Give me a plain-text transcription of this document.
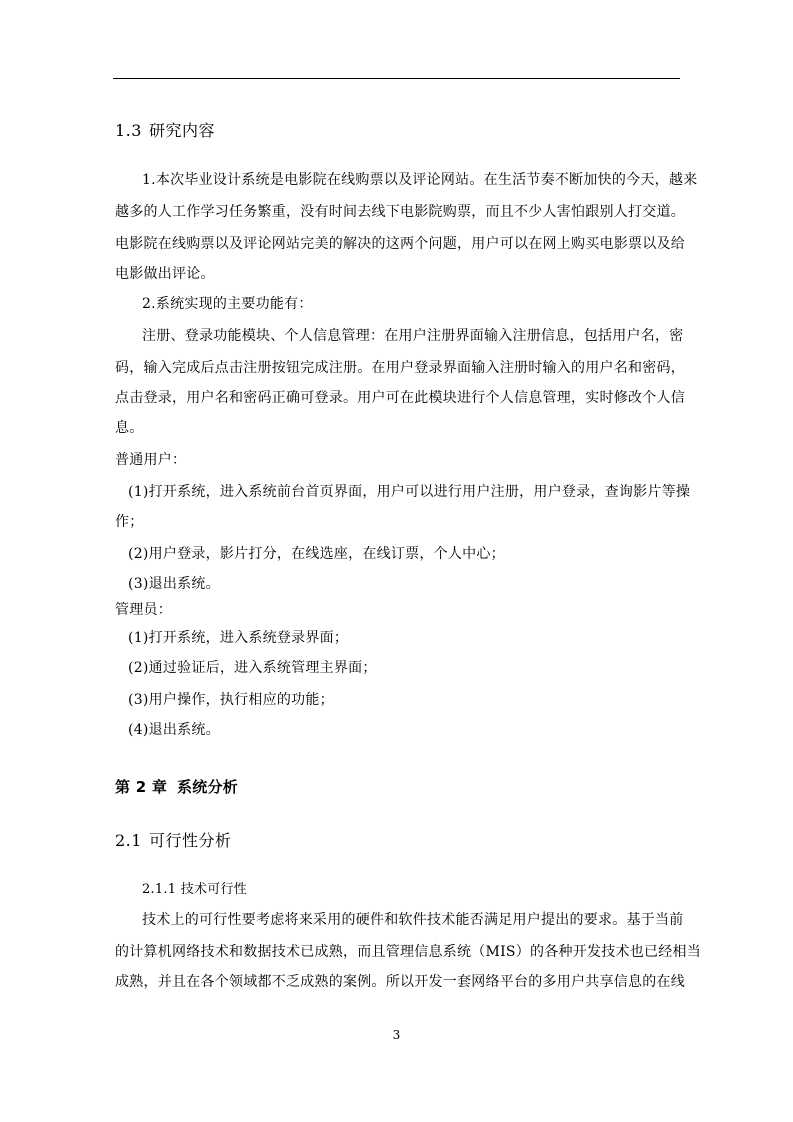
1.3 研究内容
1.本次毕业设计系统是电影院在线购票以及评论网站。在生活节奏不断加快的今天，越来
越多的人工作学习任务繁重，没有时间去线下电影院购票，而且不少人害怕跟别人打交道。
电影院在线购票以及评论网站完美的解决的这两个问题，用户可以在网上购买电影票以及给
电影做出评论。
2.系统实现的主要功能有：
注册、登录功能模块、个人信息管理：在用户注册界面输入注册信息，包括用户名，密
码，输入完成后点击注册按钮完成注册。在用户登录界面输入注册时输入的用户名和密码，
点击登录，用户名和密码正确可登录。用户可在此模块进行个人信息管理，实时修改个人信
息。
普通用户：
(1)打开系统，进入系统前台首页界面，用户可以进行用户注册，用户登录，查询影片等操
作；
(2)用户登录，影片打分，在线选座，在线订票，个人中心；
(3)退出系统。
管理员：
(1)打开系统，进入系统登录界面；
(2)通过验证后，进入系统管理主界面；
(3)用户操作，执行相应的功能；
(4)退出系统。
第 2 章 系统分析
2.1 可行性分析
2.1.1 技术可行性
技术上的可行性要考虑将来采用的硬件和软件技术能否满足用户提出的要求。基于当前
的计算机网络技术和数据技术已成熟，而且管理信息系统（MIS）的各种开发技术也已经相当
成熟，并且在各个领域都不乏成熟的案例。所以开发一套网络平台的多用户共享信息的在线
3
